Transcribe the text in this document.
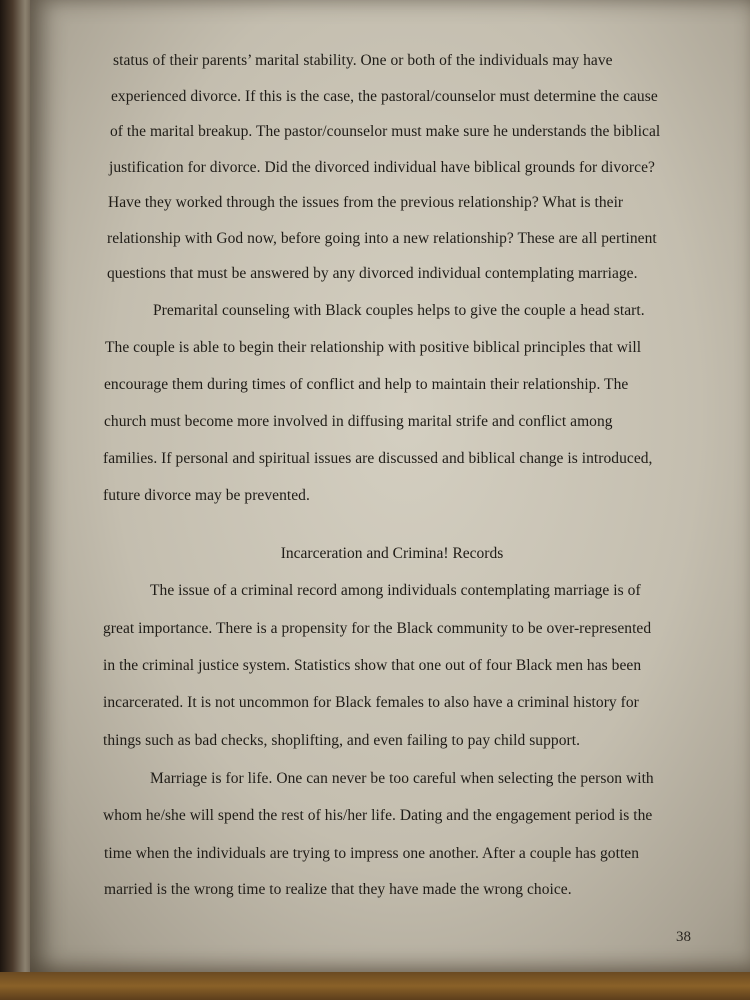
status of their parents’ marital stability. One or both of the individuals may have
experienced divorce. If this is the case, the pastoral/counselor must determine the cause
of the marital breakup. The pastor/counselor must make sure he understands the biblical
justification for divorce. Did the divorced individual have biblical grounds for divorce?
Have they worked through the issues from the previous relationship? What is their
relationship with God now, before going into a new relationship? These are all pertinent
questions that must be answered by any divorced individual contemplating marriage.
Premarital counseling with Black couples helps to give the couple a head start.
The couple is able to begin their relationship with positive biblical principles that will
encourage them during times of conflict and help to maintain their relationship. The
church must become more involved in diffusing marital strife and conflict among
families. If personal and spiritual issues are discussed and biblical change is introduced,
future divorce may be prevented.
Incarceration and Crimina! Records
The issue of a criminal record among individuals contemplating marriage is of
great importance. There is a propensity for the Black community to be over-represented
in the criminal justice system. Statistics show that one out of four Black men has been
incarcerated. It is not uncommon for Black females to also have a criminal history for
things such as bad checks, shoplifting, and even failing to pay child support.
Marriage is for life. One can never be too careful when selecting the person with
whom he/she will spend the rest of his/her life. Dating and the engagement period is the
time when the individuals are trying to impress one another. After a couple has gotten
married is the wrong time to realize that they have made the wrong choice.
38
